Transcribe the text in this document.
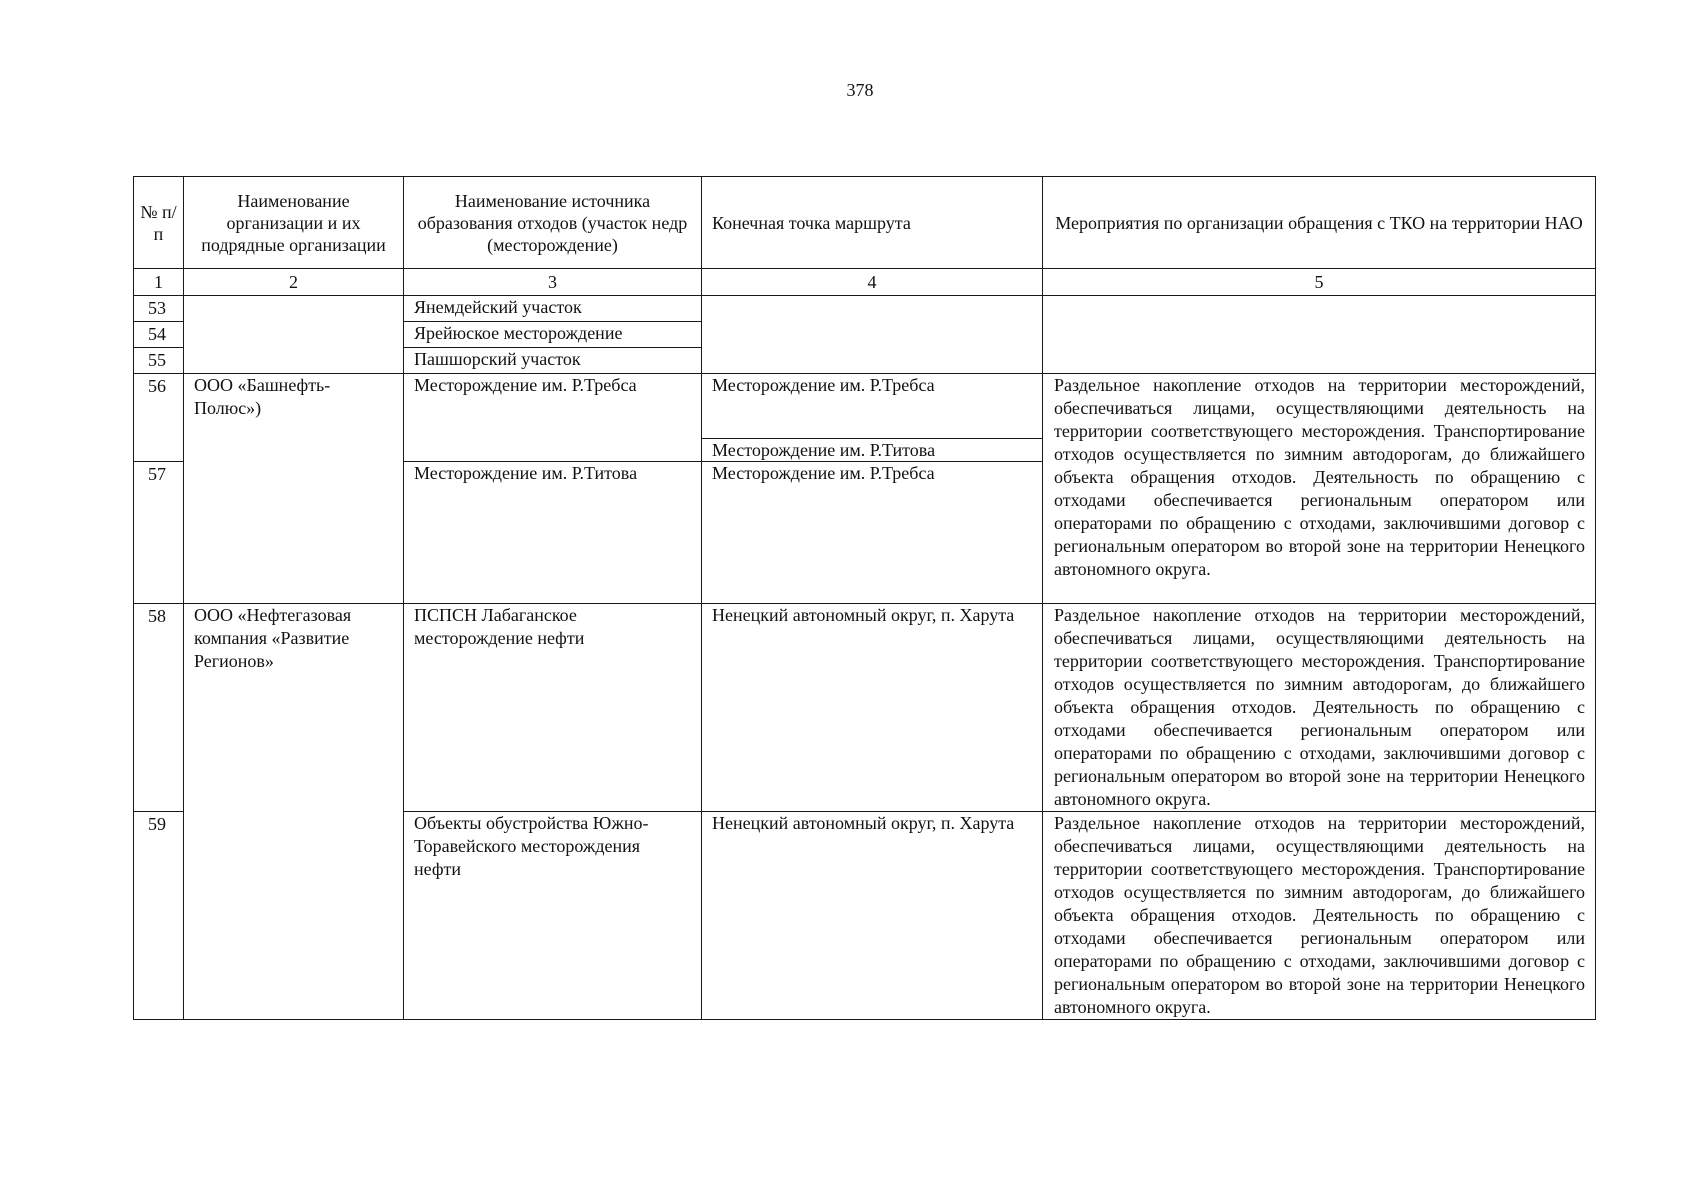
378
№ п/п	Наименование организации и их подрядные организации	Наименование источника образования отходов (участок недр (месторождение)	Конечная точка маршрута	Мероприятия по организации обращения с ТКО на территории НАО
1	2	3	4	5
53		Янемдейский участок		
54		Ярейюское месторождение		
55		Пашшорский участок		
56	ООО «Башнефть-Полюс»)	Месторождение им. Р.Требса	Месторождение им. Р.Требса	Раздельное накопление отходов на территории месторождений, обеспечиваться лицами, осуществляющими деятельность на территории соответствующего месторождения. Транспортирование отходов осуществляется по зимним автодорогам, до ближайшего объекта обращения отходов. Деятельность по обращению с отходами обеспечивается региональным оператором или операторами по обращению с отходами, заключившими договор с региональным оператором во второй зоне на территории Ненецкого автономного округа.
			Месторождение им. Р.Титова	
57		Месторождение им. Р.Титова	Месторождение им. Р.Требса	
58	ООО «Нефтегазовая компания «Развитие Регионов»	ПСПСН Лабаганское месторождение нефти	Ненецкий автономный округ, п. Харута	Раздельное накопление отходов на территории месторождений, обеспечиваться лицами, осуществляющими деятельность на территории соответствующего месторождения. Транспортирование отходов осуществляется по зимним автодорогам, до ближайшего объекта обращения отходов. Деятельность по обращению с отходами обеспечивается региональным оператором или операторами по обращению с отходами, заключившими договор с региональным оператором во второй зоне на территории Ненецкого автономного округа.
59		Объекты обустройства Южно-Торавейского месторождения нефти	Ненецкий автономный округ, п. Харута	Раздельное накопление отходов на территории месторождений, обеспечиваться лицами, осуществляющими деятельность на территории соответствующего месторождения. Транспортирование отходов осуществляется по зимним автодорогам, до ближайшего объекта обращения отходов. Деятельность по обращению с отходами обеспечивается региональным оператором или операторами по обращению с отходами, заключившими договор с региональным оператором во второй зоне на территории Ненецкого автономного округа.
